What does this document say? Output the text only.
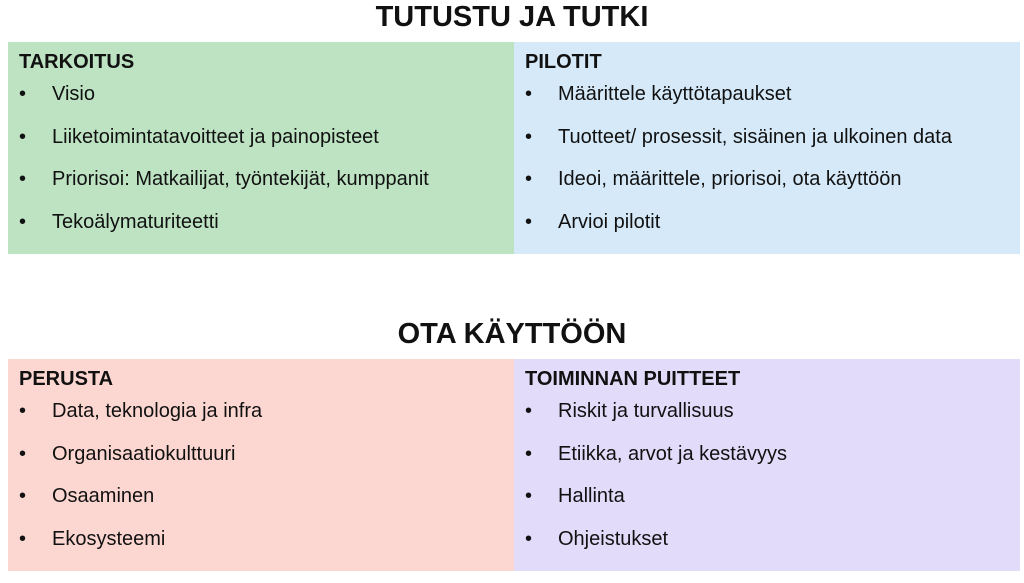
TUTUSTU JA TUTKI
TARKOITUS
•	Visio
•	Liiketoimintatavoitteet ja painopisteet
•	Priorisoi: Matkailijat, työntekijät, kumppanit
•	Tekoälymaturiteetti
PILOTIT
•	Määrittele käyttötapaukset
•	Tuotteet/ prosessit, sisäinen ja ulkoinen data
•	Ideoi, määrittele, priorisoi, ota käyttöön
•	Arvioi pilotit
OTA KÄYTTÖÖN
PERUSTA
•	Data, teknologia ja infra
•	Organisaatiokulttuuri
•	Osaaminen
•	Ekosysteemi
TOIMINNAN PUITTEET
•	Riskit ja turvallisuus
•	Etiikka, arvot ja kestävyys
•	Hallinta
•	Ohjeistukset
